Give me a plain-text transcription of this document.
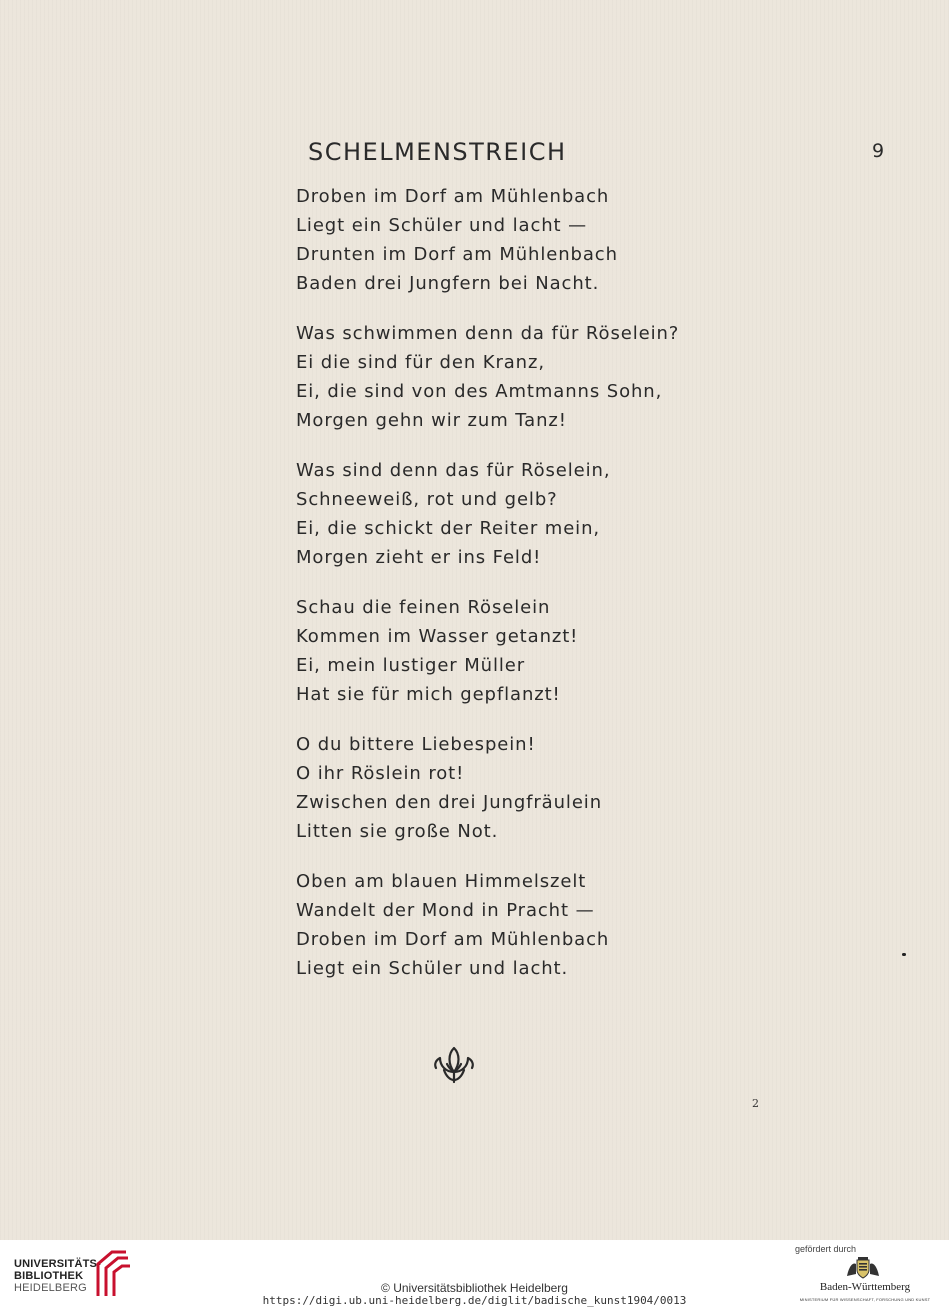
SCHELMENSTREICH	9
Droben im Dorf am Mühlenbach
Liegt ein Schüler und lacht —
Drunten im Dorf am Mühlenbach
Baden drei Jungfern bei Nacht.
Was schwimmen denn da für Röselein?
Ei die sind für den Kranz,
Ei, die sind von des Amtmanns Sohn,
Morgen gehn wir zum Tanz!
Was sind denn das für Röselein,
Schneeweiß, rot und gelb?
Ei, die schickt der Reiter mein,
Morgen zieht er ins Feld!
Schau die feinen Röselein
Kommen im Wasser getanzt!
Ei, mein lustiger Müller
Hat sie für mich gepflanzt!
O du bittere Liebespein!
O ihr Röslein rot!
Zwischen den drei Jungfräulein
Litten sie große Not.
Oben am blauen Himmelszelt
Wandelt der Mond in Pracht —
Droben im Dorf am Mühlenbach
Liegt ein Schüler und lacht.
2
UNIVERSITÄTS-
BIBLIOTHEK
HEIDELBERG	© Universitätsbibliothek Heidelberg
https://digi.ub.uni-heidelberg.de/diglit/badische_kunst1904/0013
gefördert durch
Baden-Württemberg
MINISTERIUM FÜR WISSENSCHAFT, FORSCHUNG UND KUNST
